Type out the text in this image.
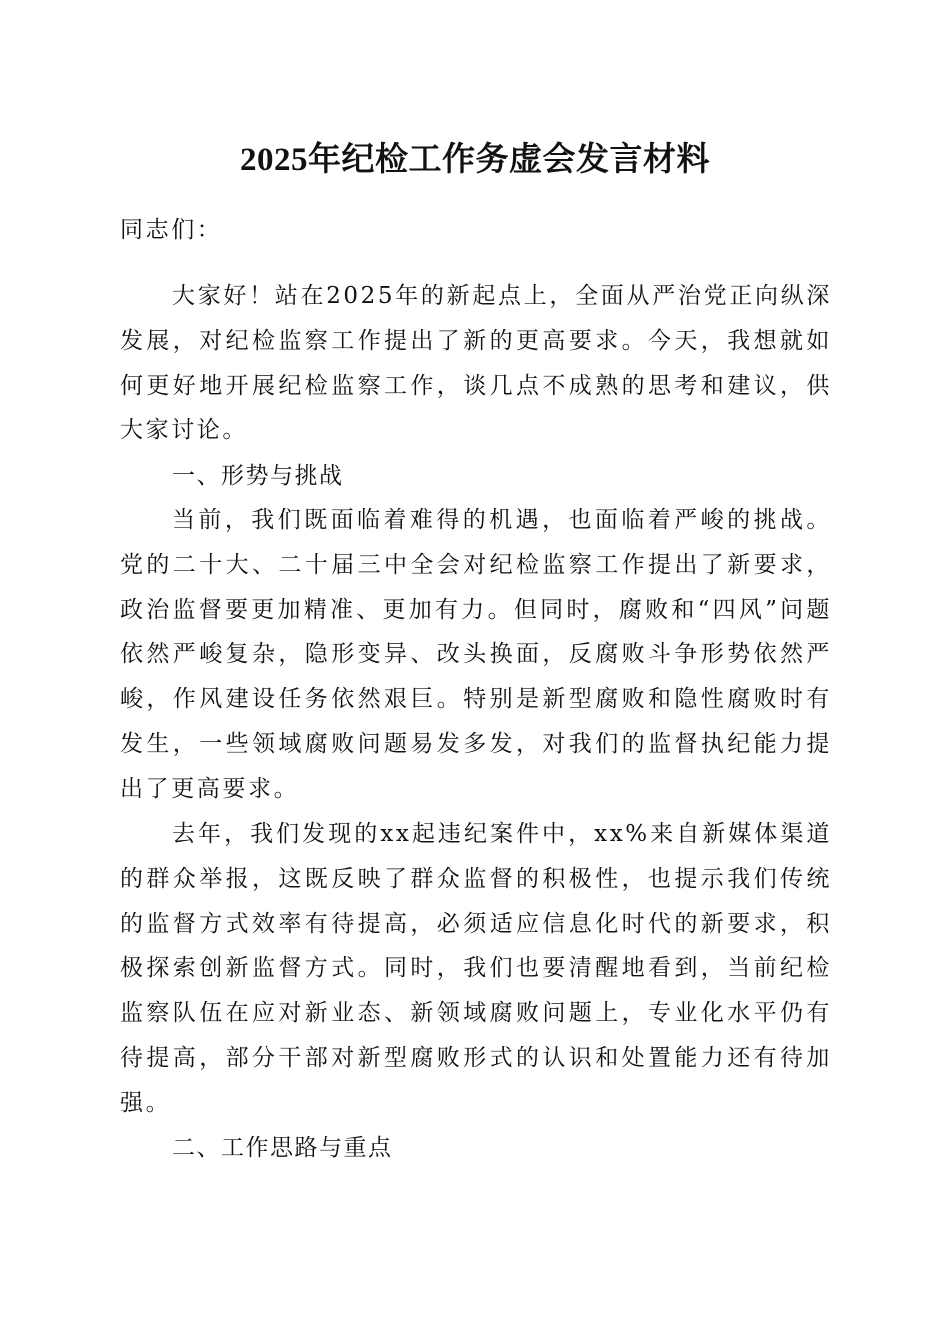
2025年纪检工作务虚会发言材料

同志们：

大家好！站在2025年的新起点上，全面从严治党正向纵深发展，对纪检监察工作提出了新的更高要求。今天，我想就如何更好地开展纪检监察工作，谈几点不成熟的思考和建议，供大家讨论。

一、形势与挑战

当前，我们既面临着难得的机遇，也面临着严峻的挑战。党的二十大、二十届三中全会对纪检监察工作提出了新要求，政治监督要更加精准、更加有力。但同时，腐败和“四风”问题依然严峻复杂，隐形变异、改头换面，反腐败斗争形势依然严峻，作风建设任务依然艰巨。特别是新型腐败和隐性腐败时有发生，一些领域腐败问题易发多发，对我们的监督执纪能力提出了更高要求。

去年，我们发现的xx起违纪案件中，xx%来自新媒体渠道的群众举报，这既反映了群众监督的积极性，也提示我们传统的监督方式效率有待提高，必须适应信息化时代的新要求，积极探索创新监督方式。同时，我们也要清醒地看到，当前纪检监察队伍在应对新业态、新领域腐败问题上，专业化水平仍有待提高，部分干部对新型腐败形式的认识和处置能力还有待加强。

二、工作思路与重点
